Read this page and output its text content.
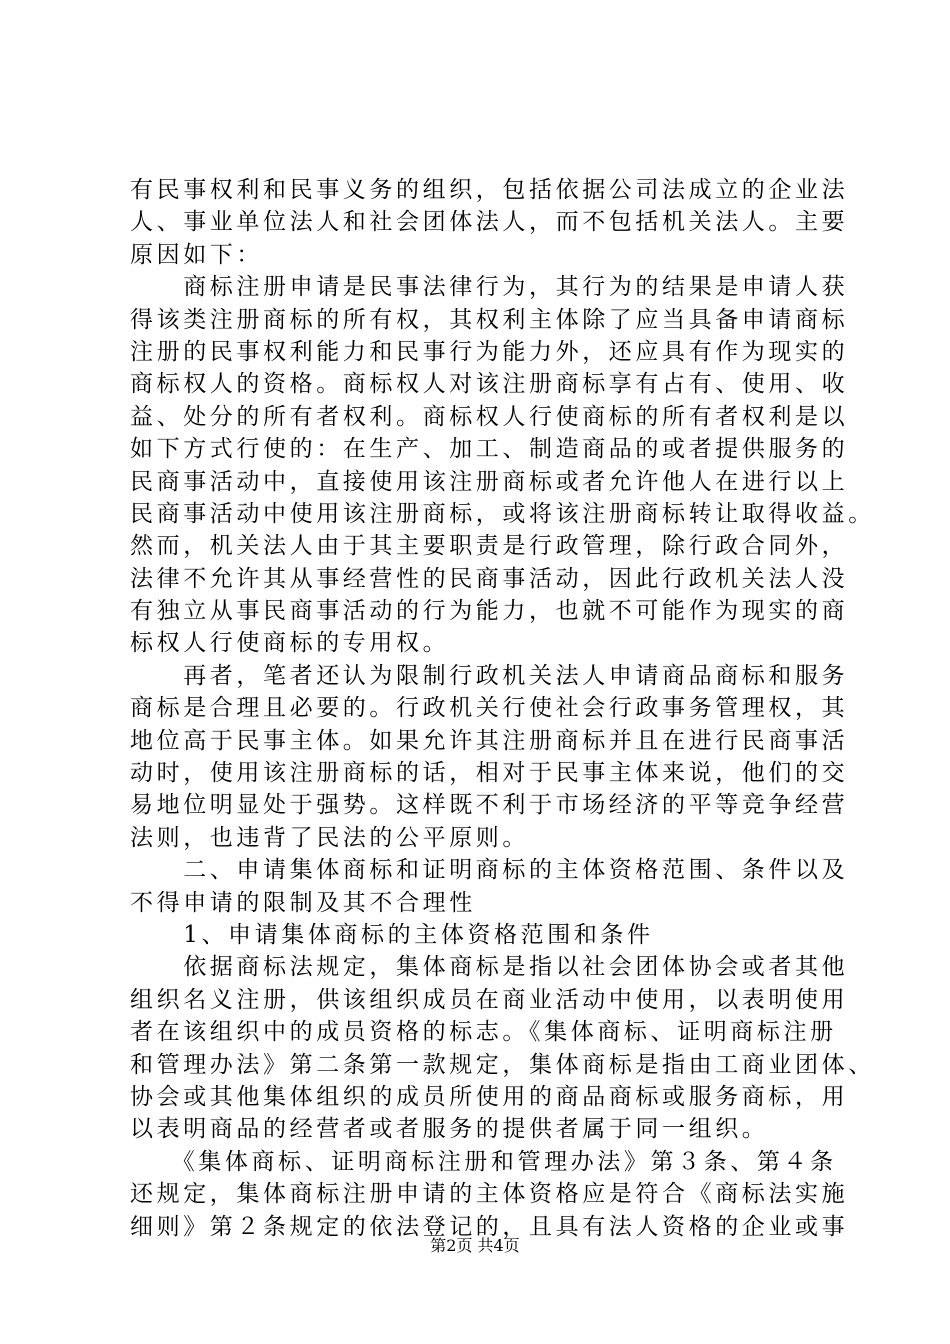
有民事权利和民事义务的组织，包括依据公司法成立的企业法
人、事业单位法人和社会团体法人，而不包括机关法人。主要
原因如下：
　　商标注册申请是民事法律行为，其行为的结果是申请人获
得该类注册商标的所有权，其权利主体除了应当具备申请商标
注册的民事权利能力和民事行为能力外，还应具有作为现实的
商标权人的资格。商标权人对该注册商标享有占有、使用、收
益、处分的所有者权利。商标权人行使商标的所有者权利是以
如下方式行使的：在生产、加工、制造商品的或者提供服务的
民商事活动中，直接使用该注册商标或者允许他人在进行以上
民商事活动中使用该注册商标，或将该注册商标转让取得收益。
然而，机关法人由于其主要职责是行政管理，除行政合同外，
法律不允许其从事经营性的民商事活动，因此行政机关法人没
有独立从事民商事活动的行为能力，也就不可能作为现实的商
标权人行使商标的专用权。
　　再者，笔者还认为限制行政机关法人申请商品商标和服务
商标是合理且必要的。行政机关行使社会行政事务管理权，其
地位高于民事主体。如果允许其注册商标并且在进行民商事活
动时，使用该注册商标的话，相对于民事主体来说，他们的交
易地位明显处于强势。这样既不利于市场经济的平等竞争经营
法则，也违背了民法的公平原则。
　　二、申请集体商标和证明商标的主体资格范围、条件以及
不得申请的限制及其不合理性
　　1、申请集体商标的主体资格范围和条件
　　依据商标法规定，集体商标是指以社会团体协会或者其他
组织名义注册，供该组织成员在商业活动中使用，以表明使用
者在该组织中的成员资格的标志。《集体商标、证明商标注册
和管理办法》第二条第一款规定，集体商标是指由工商业团体、
协会或其他集体组织的成员所使用的商品商标或服务商标，用
以表明商品的经营者或者服务的提供者属于同一组织。
　　《集体商标、证明商标注册和管理办法》第３条、第４条
还规定，集体商标注册申请的主体资格应是符合《商标法实施
细则》第２条规定的依法登记的，且具有法人资格的企业或事
第2页 共4页
